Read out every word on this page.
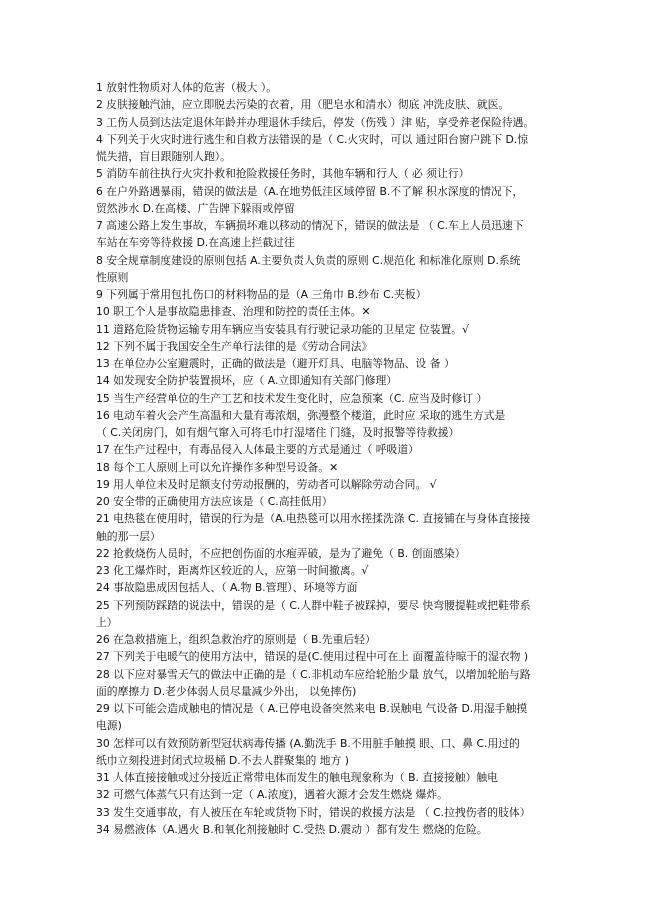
1 放射性物质对人体的危害（极大 ）。
2 皮肤接触汽油，应立即脱去污染的衣着，用（肥皂水和清水）彻底 冲洗皮肤、就医。
3 工伤人员到达法定退休年龄并办理退休手续后，停发（伤残 ）津 贴，享受养老保险待遇。
4 下列关于火灾时进行逃生和自救方法错误的是（ C.火灾时，可以 通过阳台窗户跳下 D.惊
慌失措，盲目跟随别人跑）。
5 消防车前往执行火灾扑救和抢险救援任务时，其他车辆和行人（ 必 须让行）
6 在户外路遇暴雨，错误的做法是（A.在地势低洼区域停留 B.不了解 积水深度的情况下，
贸然涉水 D.在高楼、广告牌下躲雨或停留
7 高速公路上发生事故，车辆损坏难以移动的情况下，错误的做法是 （ C.车上人员迅速下
车站在车旁等待救援 D.在高速上拦截过往
8 安全规章制度建设的原则包括 A.主要负责人负责的原则 C.规范化 和标准化原则 D.系统
性原则
9 下列属于常用包扎伤口的材料物品的是（A 三角巾 B.纱布 C.夹板）
10 职工个人是事故隐患排查、治理和防控的责任主体。✕
11 道路危险货物运输专用车辆应当安装具有行驶记录功能的卫星定 位装置。√
12 下列不属于我国安全生产单行法律的是《劳动合同法》
13 在单位办公室避震时，正确的做法是（避开灯具、电脑等物品、设 备 ）
14 如发现安全防护装置损坏，应（ A.立即通知有关部门修理）
15 当生产经营单位的生产工艺和技术发生变化时，应急预案（C. 应当及时修订 ）
16 电动车着火会产生高温和大量有毒浓烟，弥漫整个楼道，此时应 采取的逃生方式是
（ C.关闭房门，如有烟气窜入可将毛巾打湿堵住 门缝，及时报警等待救援）
17 在生产过程中，有毒品侵入人体最主要的方式是通过（ 呼吸道）
18 每个工人原则上可以允许操作多种型号设备。✕
19 用人单位未及时足额支付劳动报酬的，劳动者可以解除劳动合同。 √
20 安全带的正确使用方法应该是（ C.高挂低用）
21 电热毯在使用时，错误的行为是（A.电热毯可以用水搓揉洗涤 C. 直接铺在与身体直接接
触的那一层）
22 抢救烧伤人员时，不应把创伤面的水疱弄破，是为了避免（ B. 创面感染）
23 化工爆炸时，距离炸区较近的人，应第一时间撤离。√
24 事故隐患成因包括人、（ A.物 B.管理）、环境等方面
25 下列预防踩踏的说法中，错误的是（ C.人群中鞋子被踩掉，要尽 快弯腰提鞋或把鞋带系
上）
26 在急救措施上，组织急救治疗的原则是（ B.先重后轻）
27 下列关于电暖气的使用方法中，错误的是(C.使用过程中可在上 面覆盖待晾干的湿衣物 )
28 以下应对暴雪天气的做法中正确的是（ C.非机动车应给轮胎少量 放气，以增加轮胎与路
面的摩擦力 D.老少体弱人员尽量减少外出， 以免摔伤)
29 以下可能会造成触电的情况是（ A.已停电设备突然来电 B.误触电 气设备 D.用湿手触摸
电源)
30 怎样可以有效预防新型冠状病毒传播 (A.勤洗手 B.不用脏手触摸 眼、口、鼻 C.用过的
纸巾立刻投进封闭式垃圾桶 D.不去人群聚集的 地方 )
31 人体直接接触或过分接近正常带电体而发生的触电现象称为（ B. 直接接触）触电
32 可燃气体蒸气只有达到一定（ A.浓度)，遇着火源才会发生燃烧 爆炸。
33 发生交通事故，有人被压在车轮或货物下时，错误的救援方法是 （ C.拉拽伤者的肢体）
34 易燃液体（A.遇火 B.和氧化剂接触时 C.受热 D.震动 ）都有发生 燃烧的危险。
